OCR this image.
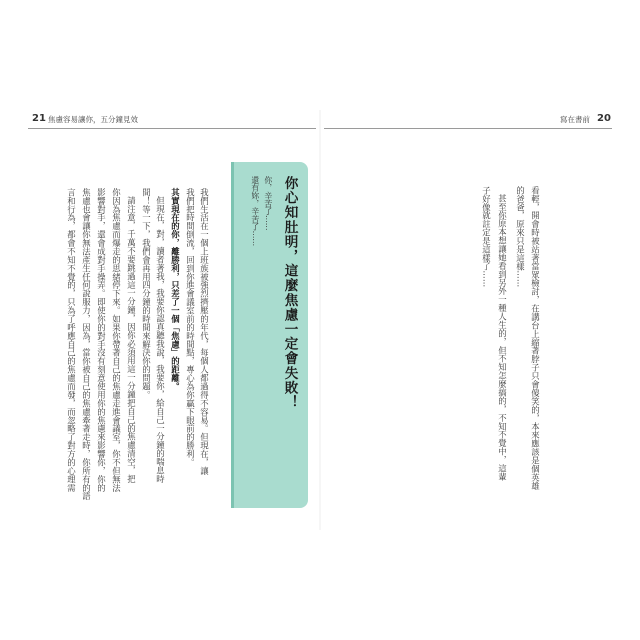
21 焦慮容易讓你，五分鐘見效	寫在書前 20
看輕，開會時被站著當眾檢討，在講台上縮著脖子只會傻笑的，本來應該是個英雄
的爸爸，原來只是這樣……
甚至你原本想讓她看到另外一種人生的，但不知怎麼搞的，不知不覺中，這輩
子好像就註定是這樣了……
你心知肚明，這麼焦慮一定會失敗！
你，辛苦了……
還有妳，辛苦了……
我們生活在一個上班族被強烈擠壓的年代，每個人都過得不容易。但現在，讓
我們把時間倒流，回到你進會議室前的時間點，專心為你贏下眼前的勝利。
其實現在的你，離勝利，只差了一個「焦慮」的距離。
但現在，對，讀者著我，我要你認真聽我說，我要你，給自己一分鐘的喘息時
間！等一下，我們會再用四分鐘的時間來解決你的問題。
請注意，千萬不要跳過這一分鐘，因你必須用這一分鐘把自己的焦慮清空，把
你因為焦慮而爆走的思緒停下來。如果你帶著自己的焦慮走進會議室，你不但無法
影響對手，還會成對手操弄。即使你的對手沒有刻意使用你的焦慮來影響你，你的
焦慮也會讓你無法產生任何說服力，因為，當你被自己的焦慮牽著走時，你所有的語
言和行為，都會不知不覺的，只為了呼應自己的焦慮而發，而忽略了對方的心理需
